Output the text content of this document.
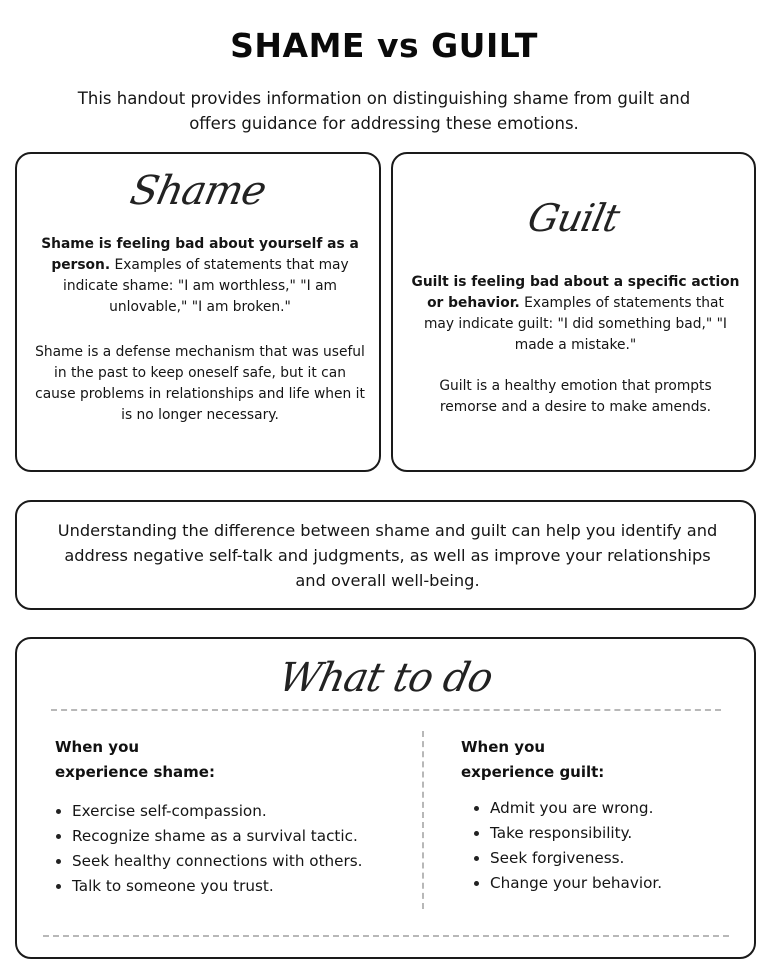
SHAME vs GUILT
This handout provides information on distinguishing shame from guilt and offers guidance for addressing these emotions.
Shame
Shame is feeling bad about yourself as a person. Examples of statements that may indicate shame: "I am worthless," "I am unlovable," "I am broken."
Shame is a defense mechanism that was useful in the past to keep oneself safe, but it can cause problems in relationships and life when it is no longer necessary.
Guilt
Guilt is feeling bad about a specific action or behavior. Examples of statements that may indicate guilt: "I did something bad," "I made a mistake."
Guilt is a healthy emotion that prompts remorse and a desire to make amends.
Understanding the difference between shame and guilt can help you identify and address negative self-talk and judgments, as well as improve your relationships and overall well-being.
What to do
When you
experience shame:
Exercise self-compassion.
Recognize shame as a survival tactic.
Seek healthy connections with others.
Talk to someone you trust.
When you
experience guilt:
Admit you are wrong.
Take responsibility.
Seek forgiveness.
Change your behavior.
